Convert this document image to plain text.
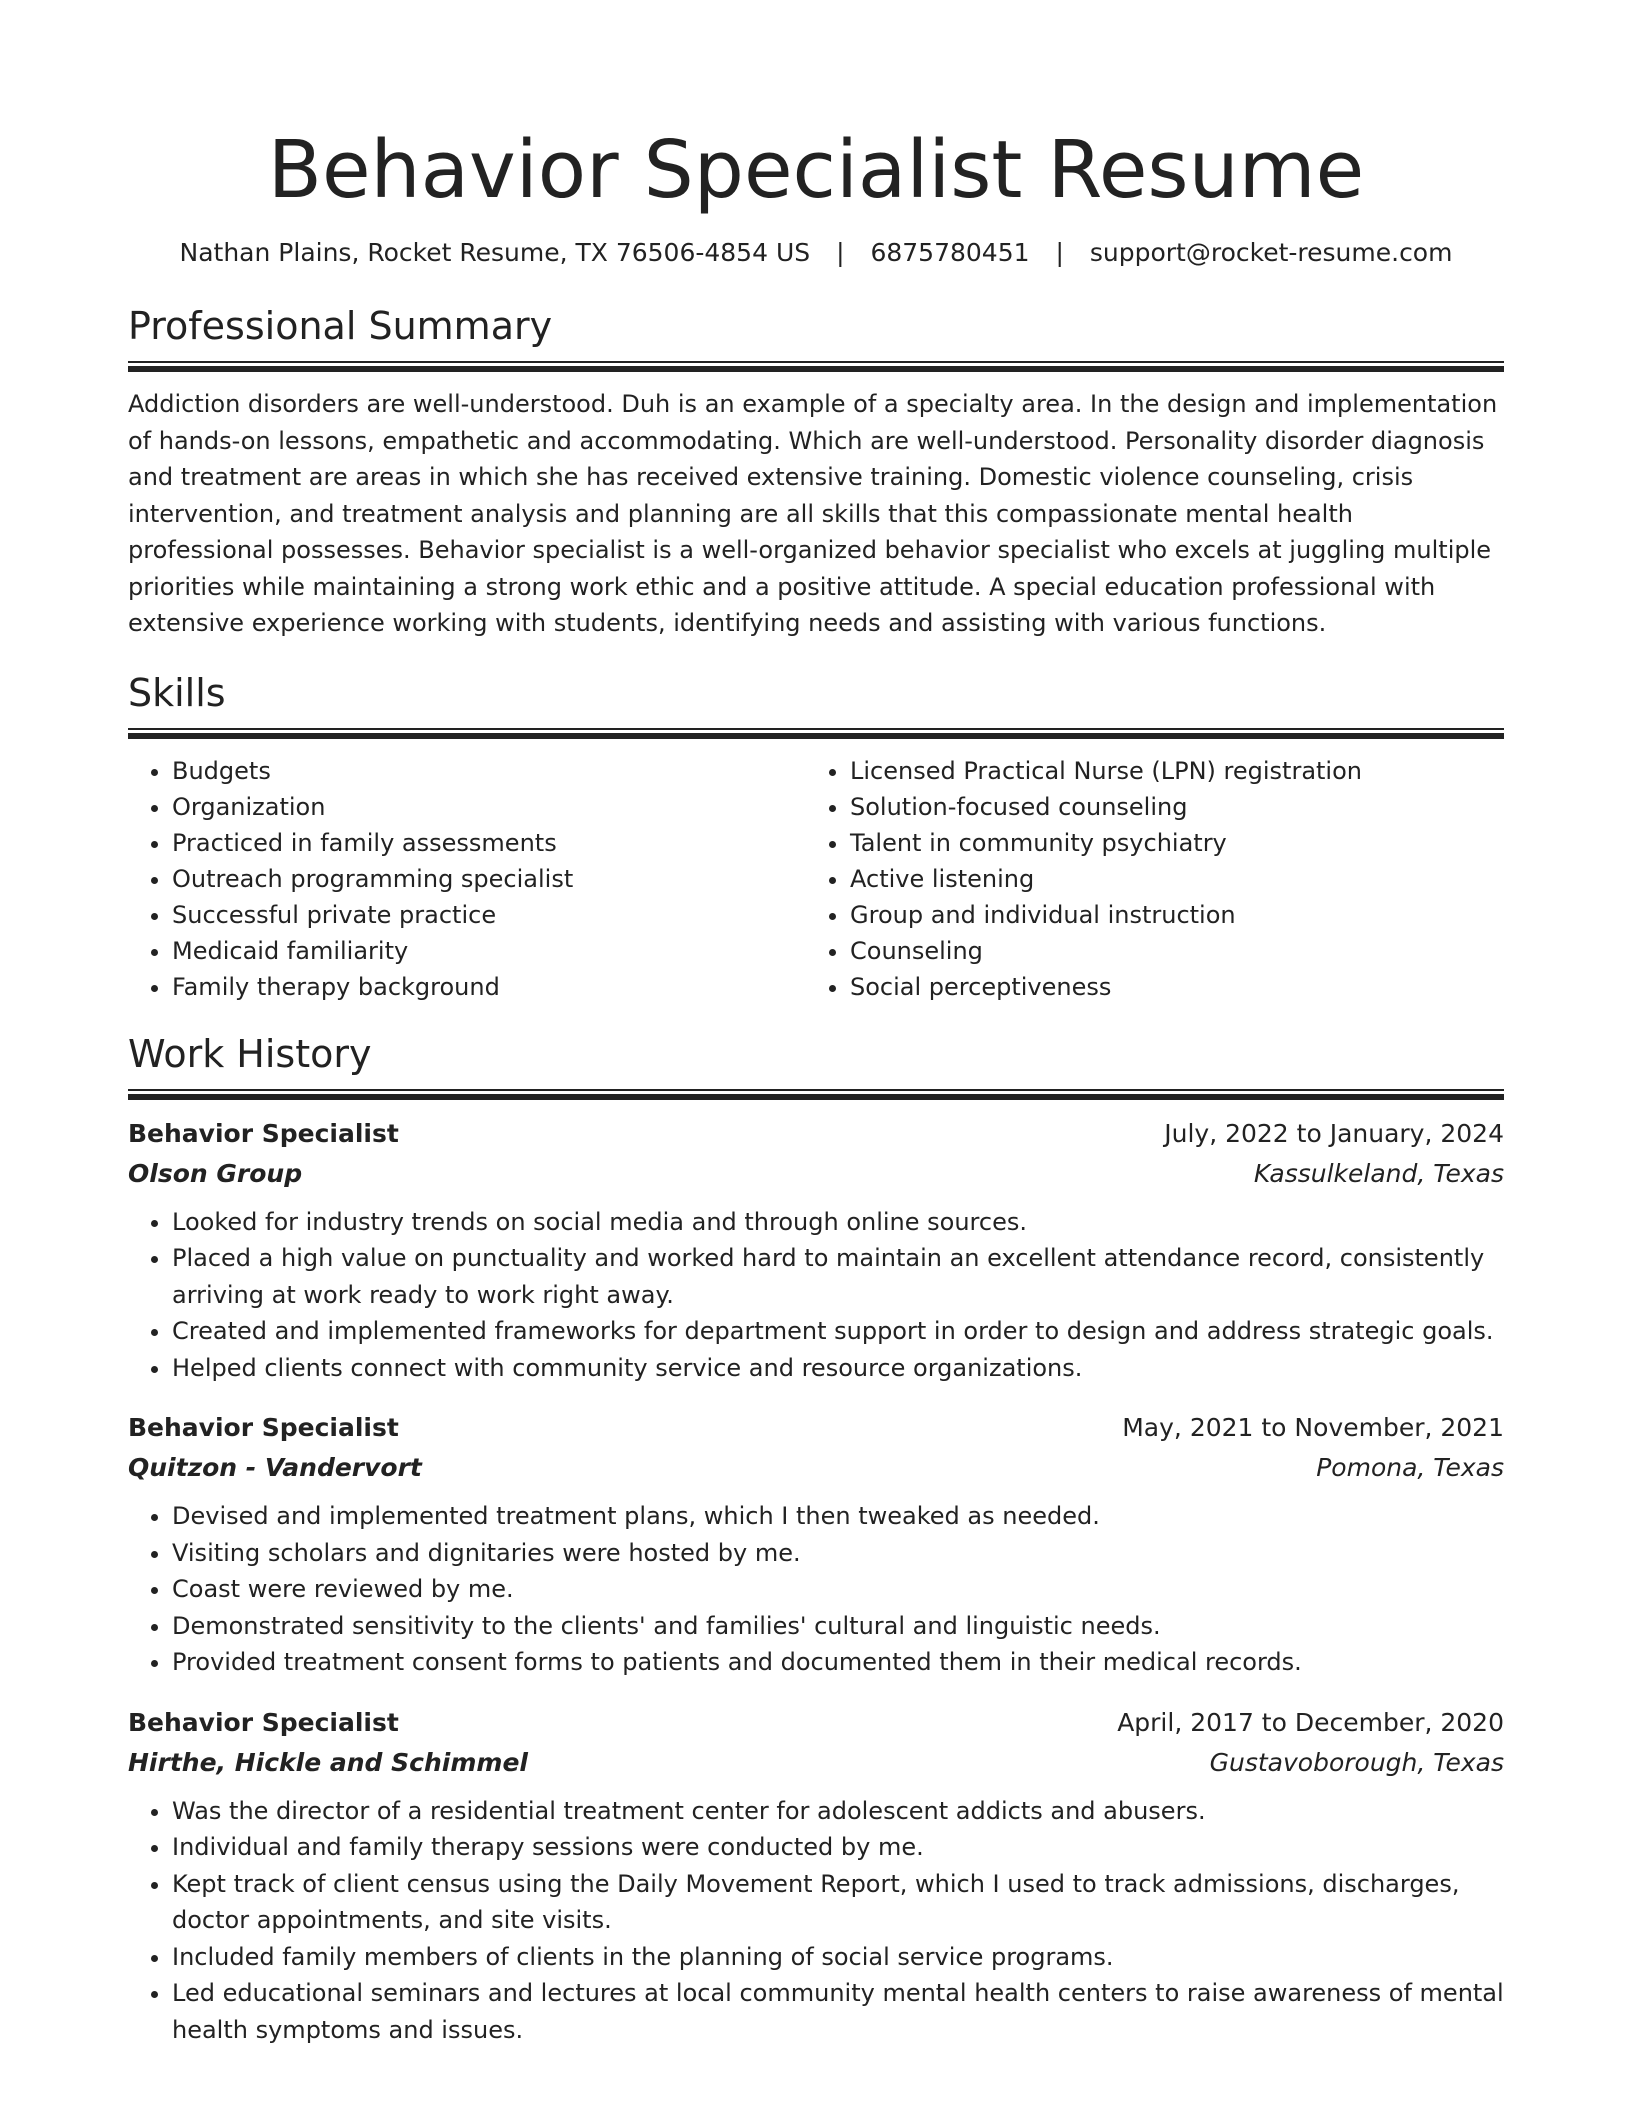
Behavior Specialist Resume
Nathan Plains, Rocket Resume, TX 76506-4854 US | 6875780451 | support@rocket-resume.com
Professional Summary

Addiction disorders are well-understood. Duh is an example of a specialty area. In the design and implementation of hands-on lessons, empathetic and accommodating. Which are well-understood. Personality disorder diagnosis and treatment are areas in which she has received extensive training. Domestic violence counseling, crisis intervention, and treatment analysis and planning are all skills that this compassionate mental health professional possesses. Behavior specialist is a well-organized behavior specialist who excels at juggling multiple priorities while maintaining a strong work ethic and a positive attitude. A special education professional with extensive experience working with students, identifying needs and assisting with various functions.

Skills
• Budgets
• Organization
• Practiced in family assessments
• Outreach programming specialist
• Successful private practice
• Medicaid familiarity
• Family therapy background
• Licensed Practical Nurse (LPN) registration
• Solution-focused counseling
• Talent in community psychiatry
• Active listening
• Group and individual instruction
• Counseling
• Social perceptiveness
Work History
Behavior Specialist	July, 2022 to January, 2024
Olson Group	Kassulkeland, Texas
• Looked for industry trends on social media and through online sources.
• Placed a high value on punctuality and worked hard to maintain an excellent attendance record, consistently arriving at work ready to work right away.
• Created and implemented frameworks for department support in order to design and address strategic goals.
• Helped clients connect with community service and resource organizations.
Behavior Specialist	May, 2021 to November, 2021
Quitzon - Vandervort	Pomona, Texas
• Devised and implemented treatment plans, which I then tweaked as needed.
• Visiting scholars and dignitaries were hosted by me.
• Coast were reviewed by me.
• Demonstrated sensitivity to the clients' and families' cultural and linguistic needs.
• Provided treatment consent forms to patients and documented them in their medical records.
Behavior Specialist	April, 2017 to December, 2020
Hirthe, Hickle and Schimmel	Gustavoborough, Texas
• Was the director of a residential treatment center for adolescent addicts and abusers.
• Individual and family therapy sessions were conducted by me.
• Kept track of client census using the Daily Movement Report, which I used to track admissions, discharges, doctor appointments, and site visits.
• Included family members of clients in the planning of social service programs.
• Led educational seminars and lectures at local community mental health centers to raise awareness of mental health symptoms and issues.
